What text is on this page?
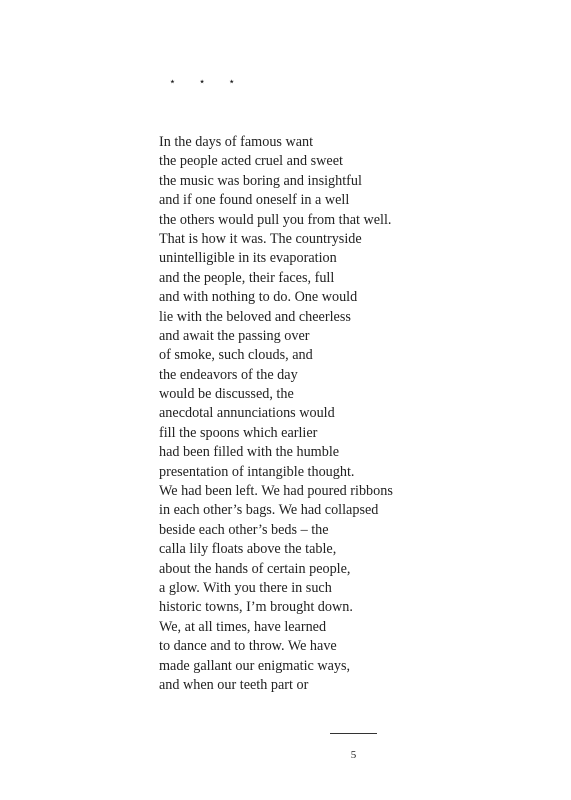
⋆ ⋆ ⋆
In the days of famous want
the people acted cruel and sweet
the music was boring and insightful
and if one found oneself in a well
the others would pull you from that well.
That is how it was. The countryside
unintelligible in its evaporation
and the people, their faces, full
and with nothing to do. One would
lie with the beloved and cheerless
and await the passing over
of smoke, such clouds, and
the endeavors of the day
would be discussed, the
anecdotal annunciations would
fill the spoons which earlier
had been filled with the humble
presentation of intangible thought.
We had been left. We had poured ribbons
in each other’s bags. We had collapsed
beside each other’s beds – the
calla lily floats above the table,
about the hands of certain people,
a glow. With you there in such
historic towns, I’m brought down.
We, at all times, have learned
to dance and to throw. We have
made gallant our enigmatic ways,
and when our teeth part or
5
